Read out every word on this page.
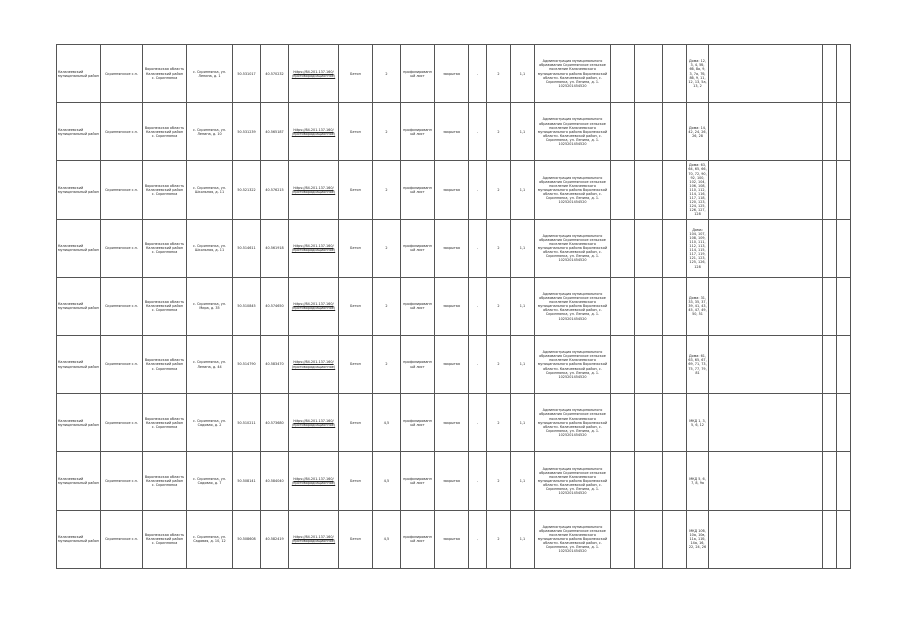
Калачеевский муниципальный район	Скрипнянское с.п.	Воронежская область Калачеевский район с. Скрипнянка	с. Скрипнянка, ул. Ленина, д. 1	50.531017	40.570232	https://84.201.137.160/ (противорадиационное)	Бетон	2	профилированный лист	закрытая	-	2	1,1	Администрация муниципального образования Скрипнянское сельское поселение Калачеевского муниципального района Воронежской области. Калачеевский район, с. Скрипнянка, ул. Ленина, д. 1. 1025201454520				Дома: 12, 3, 4, 5б, 6б, 8а, 9, 3, 7а, 7б, 8б, 9, 11, 12, 13, 5а, 13, 2			
Калачеевский муниципальный район	Скрипнянское с.п.	Воронежская область Калачеевский район с. Скрипнянка	с. Скрипнянка, ул. Ленина, д. 10	50.531239	40.565187	https://84.201.137.160/ (противорадиационное)	Бетон	2	профилированный лист	закрытая	-	2	1,1	Администрация муниципального образования Скрипнянское сельское поселение Калачеевского муниципального района Воронежской области. Калачеевский район, с. Скрипнянка, ул. Ленина, д. 1. 1025201454520				Дома: 14, 42, 24, 26, 26, 28			
Калачеевский муниципальный район	Скрипнянское с.п.	Воронежская область Калачеевский район с. Скрипнянка	с. Скрипнянка, ул. Школьная, д. 11	50.521322	40.576215	https://84.201.137.160/ (противорадиационное)	Бетон	2	профилированный лист	закрытая	-	2	1,1	Администрация муниципального образования Скрипнянское сельское поселение Калачеевского муниципального района Воронежской области. Калачеевский район, с. Скрипнянка, ул. Ленина, д. 1. 1025201454520				Дома: 63, 64, 65, 66, 70, 72, 90, 92, 100, 102, 104, 106, 108, 110, 112, 114, 116, 117, 118, 120, 123, 124, 125, 126, 127, 128			
Калачеевский муниципальный район	Скрипнянское с.п.	Воронежская область Калачеевский район с. Скрипнянка	с. Скрипнянка, ул. Школьная, д. 11	50.514611	40.561918	https://84.201.137.160/ (противорадиационное)	Бетон	2	профилированный лист	закрытая	-	2	1,1	Администрация муниципального образования Скрипнянское сельское поселение Калачеевского муниципального района Воронежской области. Калачеевский район, с. Скрипнянка, ул. Ленина, д. 1. 1025201454520				Дома: 104, 107, 108, 109, 110, 111, 112, 113, 114, 115, 117, 119, 121, 123, 125, 126, 128			
Калачеевский муниципальный район	Скрипнянское с.п.	Воронежская область Калачеевский район с. Скрипнянка	с. Скрипнянка, ул. Мира, д. 35	50.510845	40.574650	https://84.201.137.160/ (противорадиационное)	Бетон	2	профилированный лист	закрытая	-	2	1,1	Администрация муниципального образования Скрипнянское сельское поселение Калачеевского муниципального района Воронежской области. Калачеевский район, с. Скрипнянка, ул. Ленина, д. 1. 1025201454520				Дома: 31, 33, 35, 37, 39, 41, 43, 45, 47, 49, 50, 51			
Калачеевский муниципальный район	Скрипнянское с.п.	Воронежская область Калачеевский район с. Скрипнянка	с. Скрипнянка, ул. Ленина, д. 44	50.514790	40.583470	https://84.201.137.160/ (противорадиационное)	Бетон	2	профилированный лист	закрытая	-	2	1,1	Администрация муниципального образования Скрипнянское сельское поселение Калачеевского муниципального района Воронежской области. Калачеевский район, с. Скрипнянка, ул. Ленина, д. 1. 1025201454520				Дома: 61, 63, 65, 67, 69, 71, 73, 75, 77, 79, 81			
Калачеевский муниципальный район	Скрипнянское с.п.	Воронежская область Калачеевский район с. Скрипнянка	с. Скрипнянка, ул. Садовая, д. 2	50.510211	40.573680	https://84.201.137.160/ (противорадиационное)	Бетон	4,5	профилированный лист	закрытая	-	2	1,1	Администрация муниципального образования Скрипнянское сельское поселение Калачеевского муниципального района Воронежской области. Калачеевский район, с. Скрипнянка, ул. Ленина, д. 1. 1025201454520				МКД 1, 3, 5, 6, 12			
Калачеевский муниципальный район	Скрипнянское с.п.	Воронежская область Калачеевский район с. Скрипнянка	с. Скрипнянка, ул. Садовая, д. 7	50.508141	40.584040	https://84.201.137.160/ (противорадиационное)	Бетон	4,5	профилированный лист	закрытая	-	2	1,1	Администрация муниципального образования Скрипнянское сельское поселение Калачеевского муниципального района Воронежской области. Калачеевский район, с. Скрипнянка, ул. Ленина, д. 1. 1025201454520				МКД 5, 6, 7, 8, 9а			
Калачеевский муниципальный район	Скрипнянское с.п.	Воронежская область Калачеевский район с. Скрипнянка	с. Скрипнянка, ул. Садовая, д. 10, 12	50.508608	40.582419	https://84.201.137.160/ (противорадиационное)	Бетон	4,5	профилированный лист	закрытая	-	2	1,1	Администрация муниципального образования Скрипнянское сельское поселение Калачеевского муниципального района Воронежской области. Калачеевский район, с. Скрипнянка, ул. Ленина, д. 1. 1025201454520				МКД 10б, 10а, 10в, 11а, 11б, 14а, 16, 22, 24, 26			
